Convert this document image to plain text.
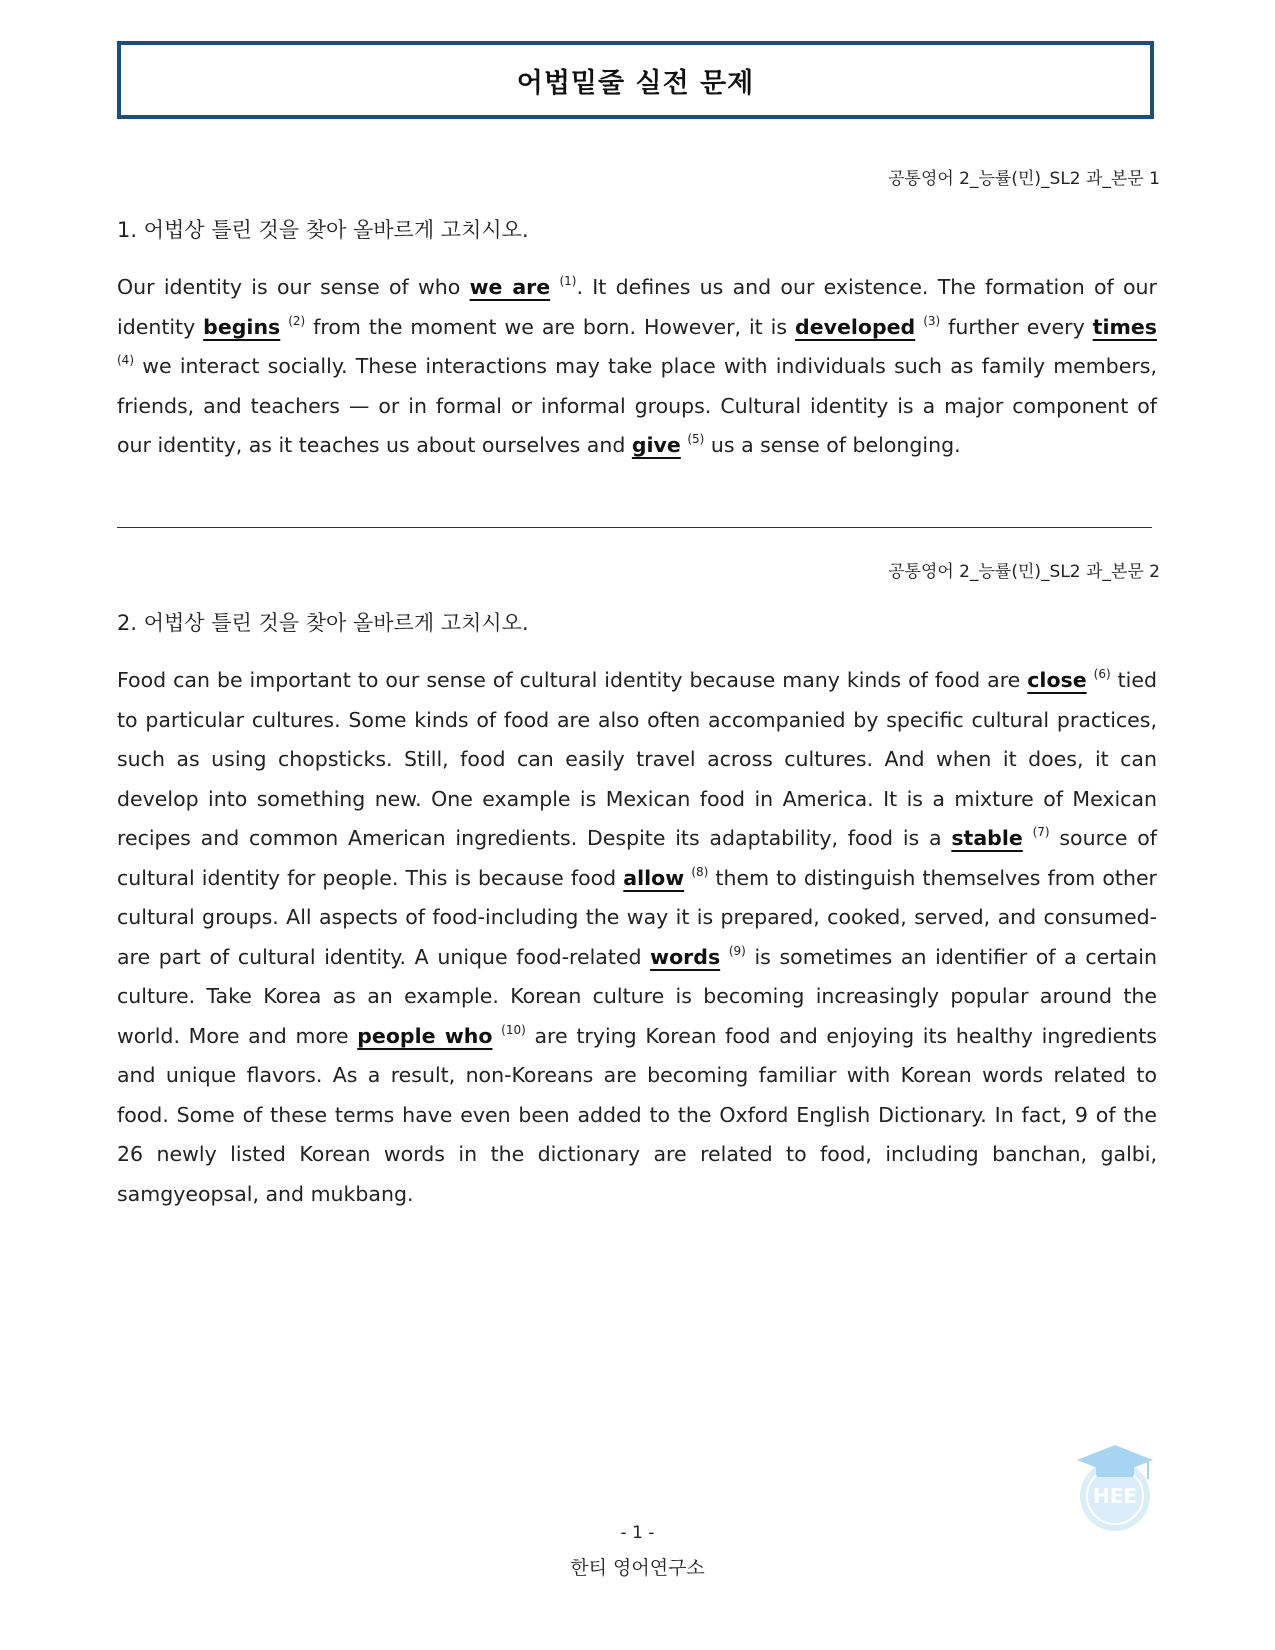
어법밑줄 실전 문제
공통영어 2_능률(민)_SL2 과_본문 1
1. 어법상 틀린 것을 찾아 올바르게 고치시오.

Our identity is our sense of who we are $^{(1)}$. It defines us and our existence. The formation of our identity begins $^{(2)}$ from the moment we are born. However, it is developed $^{(3)}$ further every times $^{(4)}$ we interact socially. These interactions may take place with individuals such as family members, friends, and teachers — or in formal or informal groups. Cultural identity is a major component of our identity, as it teaches us about ourselves and give $^{(5)}$ us a sense of belonging.

공통영어 2_능률(민)_SL2 과_본문 2
2. 어법상 틀린 것을 찾아 올바르게 고치시오.

Food can be important to our sense of cultural identity because many kinds of food are close $^{(6)}$ tied to particular cultures. Some kinds of food are also often accompanied by specific cultural practices, such as using chopsticks. Still, food can easily travel across cultures. And when it does, it can develop into something new. One example is Mexican food in America. It is a mixture of Mexican recipes and common American ingredients. Despite its adaptability, food is a stable $^{(7)}$ source of cultural identity for people. This is because food allow $^{(8)}$ them to distinguish themselves from other cultural groups. All aspects of food-including the way it is prepared, cooked, served, and consumed-are part of cultural identity. A unique food-related words $^{(9)}$ is sometimes an identifier of a certain culture. Take Korea as an example. Korean culture is becoming increasingly popular around the world. More and more people who $^{(10)}$ are trying Korean food and enjoying its healthy ingredients and unique flavors. As a result, non-Koreans are becoming familiar with Korean words related to food. Some of these terms have even been added to the Oxford English Dictionary. In fact, 9 of the 26 newly listed Korean words in the dictionary are related to food, including banchan, galbi, samgyeopsal, and mukbang.

HEE
- 1 -
한티 영어연구소
